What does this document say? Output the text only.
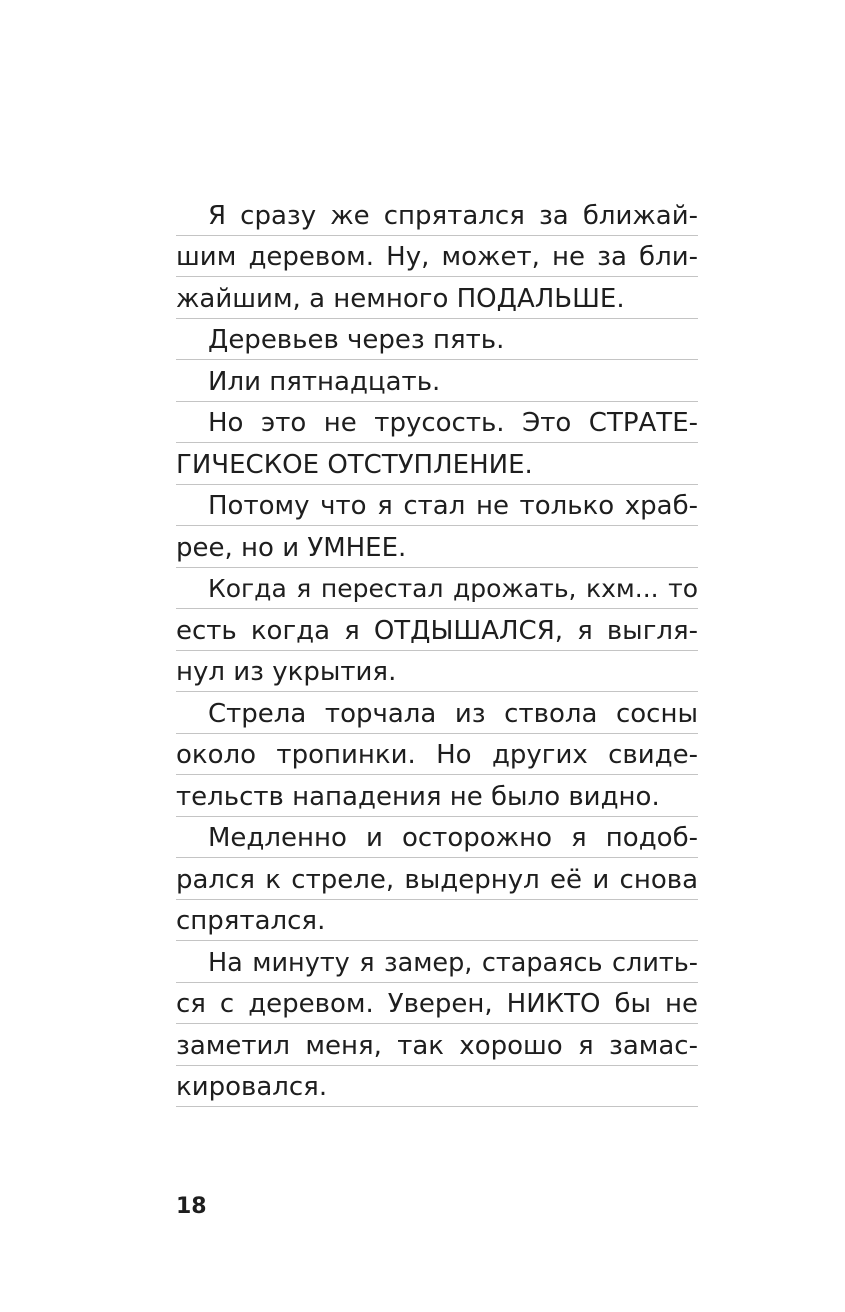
Я сразу же спрятался за ближай-
шим деревом. Ну, может, не за бли-
жайшим, а немного ПОДАЛЬШЕ.
Деревьев через пять.
Или пятнадцать.
Но это не трусость. Это СТРАТЕ-
ГИЧЕСКОЕ ОТСТУПЛЕНИЕ.
Потому что я стал не только храб-
рее, но и УМНЕЕ.
Когда я перестал дрожать, кхм... то
есть когда я ОТДЫШАЛСЯ, я выгля-
нул из укрытия.
Стрела торчала из ствола сосны
около тропинки. Но других свиде-
тельств нападения не было видно.
Медленно и осторожно я подоб-
рался к стреле, выдернул её и снова
спрятался.
На минуту я замер, стараясь слить-
ся с деревом. Уверен, НИКТО бы не
заметил меня, так хорошо я замас-
кировался.
18
